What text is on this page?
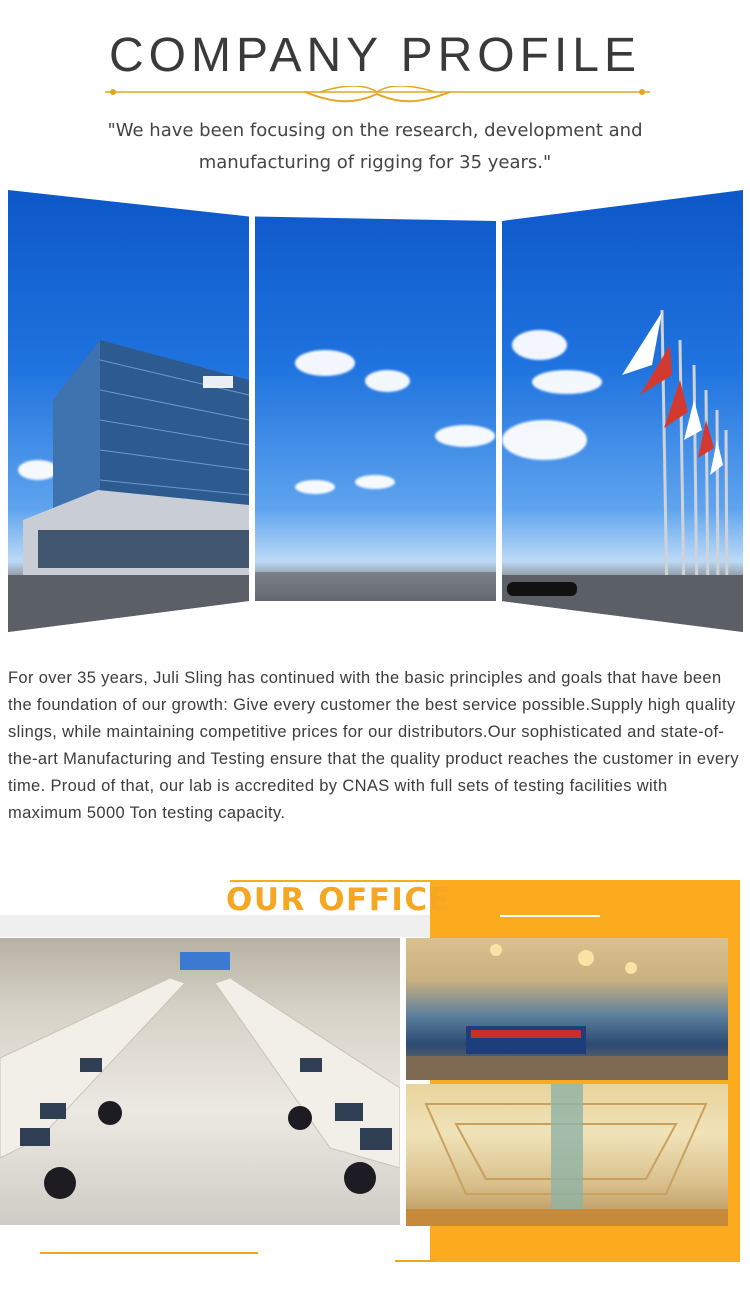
COMPANY PROFILE
"We have been focusing on the research, development and
manufacturing of rigging for 35 years."
For over 35 years, Juli Sling has continued with the basic principles and goals that have been the foundation of our growth: Give every customer the best service possible.Supply high quality slings, while maintaining competitive prices for our distributors.Our sophisticated and state-of-the-art Manufacturing and Testing ensure that the quality product reaches the customer in every time. Proud of that, our lab is accredited by CNAS with full sets of testing facilities with maximum 5000 Ton testing capacity.
OUR OFFICE
